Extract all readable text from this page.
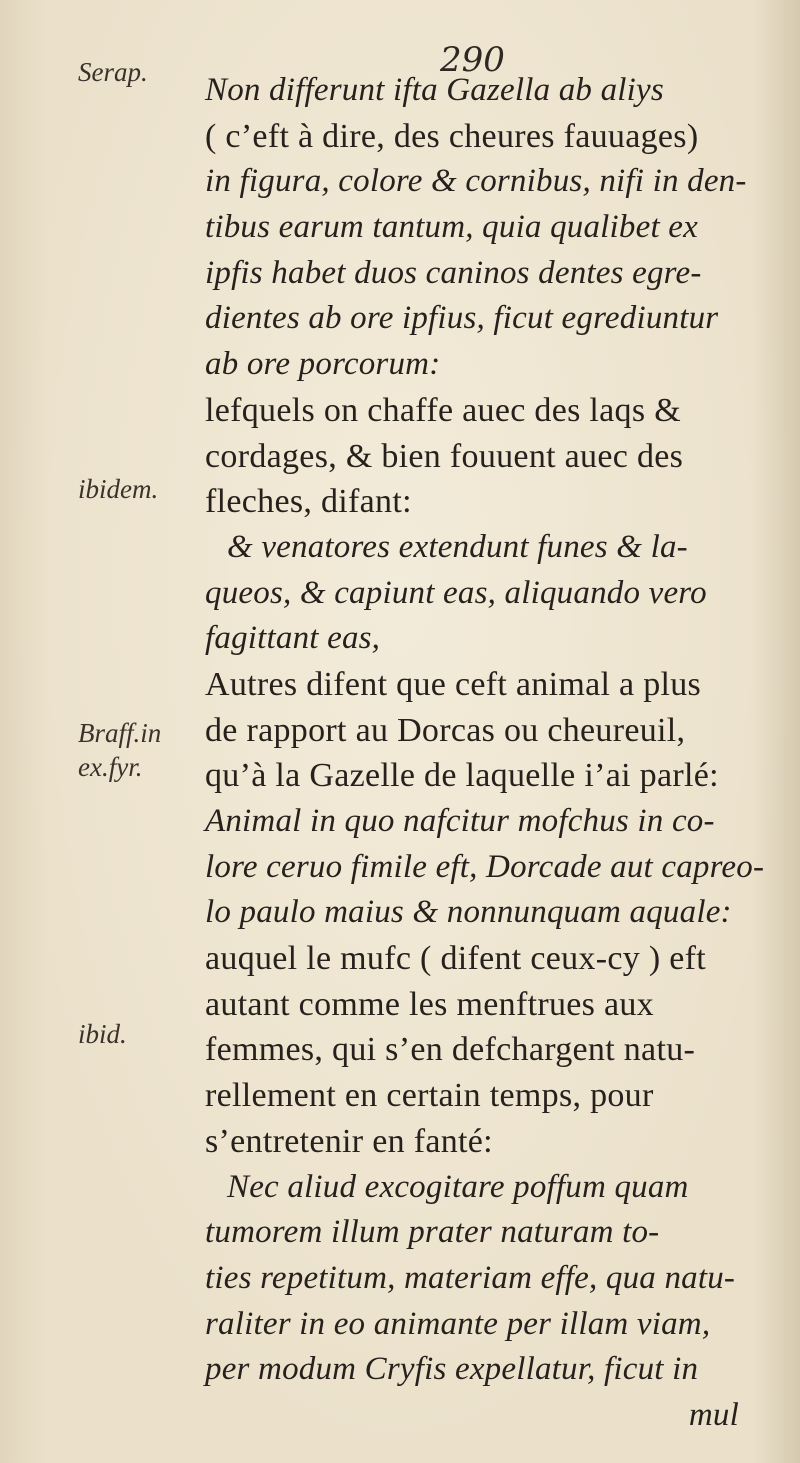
290
Serap.
ibidem.
Braff.in
ex.fyr.
ibid.
Non differunt ifta Gazella ab aliys
( c’eft à dire, des cheures fauuages)
in figura, colore & cornibus, nifi in den-
tibus earum tantum, quia qualibet ex
ipfis habet duos caninos dentes egre-
dientes ab ore ipfius, ficut egrediuntur
ab ore porcorum:
lefquels on chaffe auec des laqs &
cordages, & bien fouuent auec des
fleches, difant:
& venatores extendunt funes & la-
queos, & capiunt eas, aliquando vero
fagittant eas,
Autres difent que ceft animal a plus
de rapport au Dorcas ou cheureuil,
qu’à la Gazelle de laquelle i’ai parlé:
Animal in quo nafcitur mofchus in co-
lore ceruo fimile eft, Dorcade aut capreo-
lo paulo maius & nonnunquam aquale:
auquel le mufc ( difent ceux-cy ) eft
autant comme les menftrues aux
femmes, qui s’en defchargent natu-
rellement en certain temps, pour
s’entretenir en fanté:
Nec aliud excogitare poffum quam
tumorem illum prater naturam to-
ties repetitum, materiam effe, qua natu-
raliter in eo animante per illam viam,
per modum Cryfis expellatur, ficut in
mul
